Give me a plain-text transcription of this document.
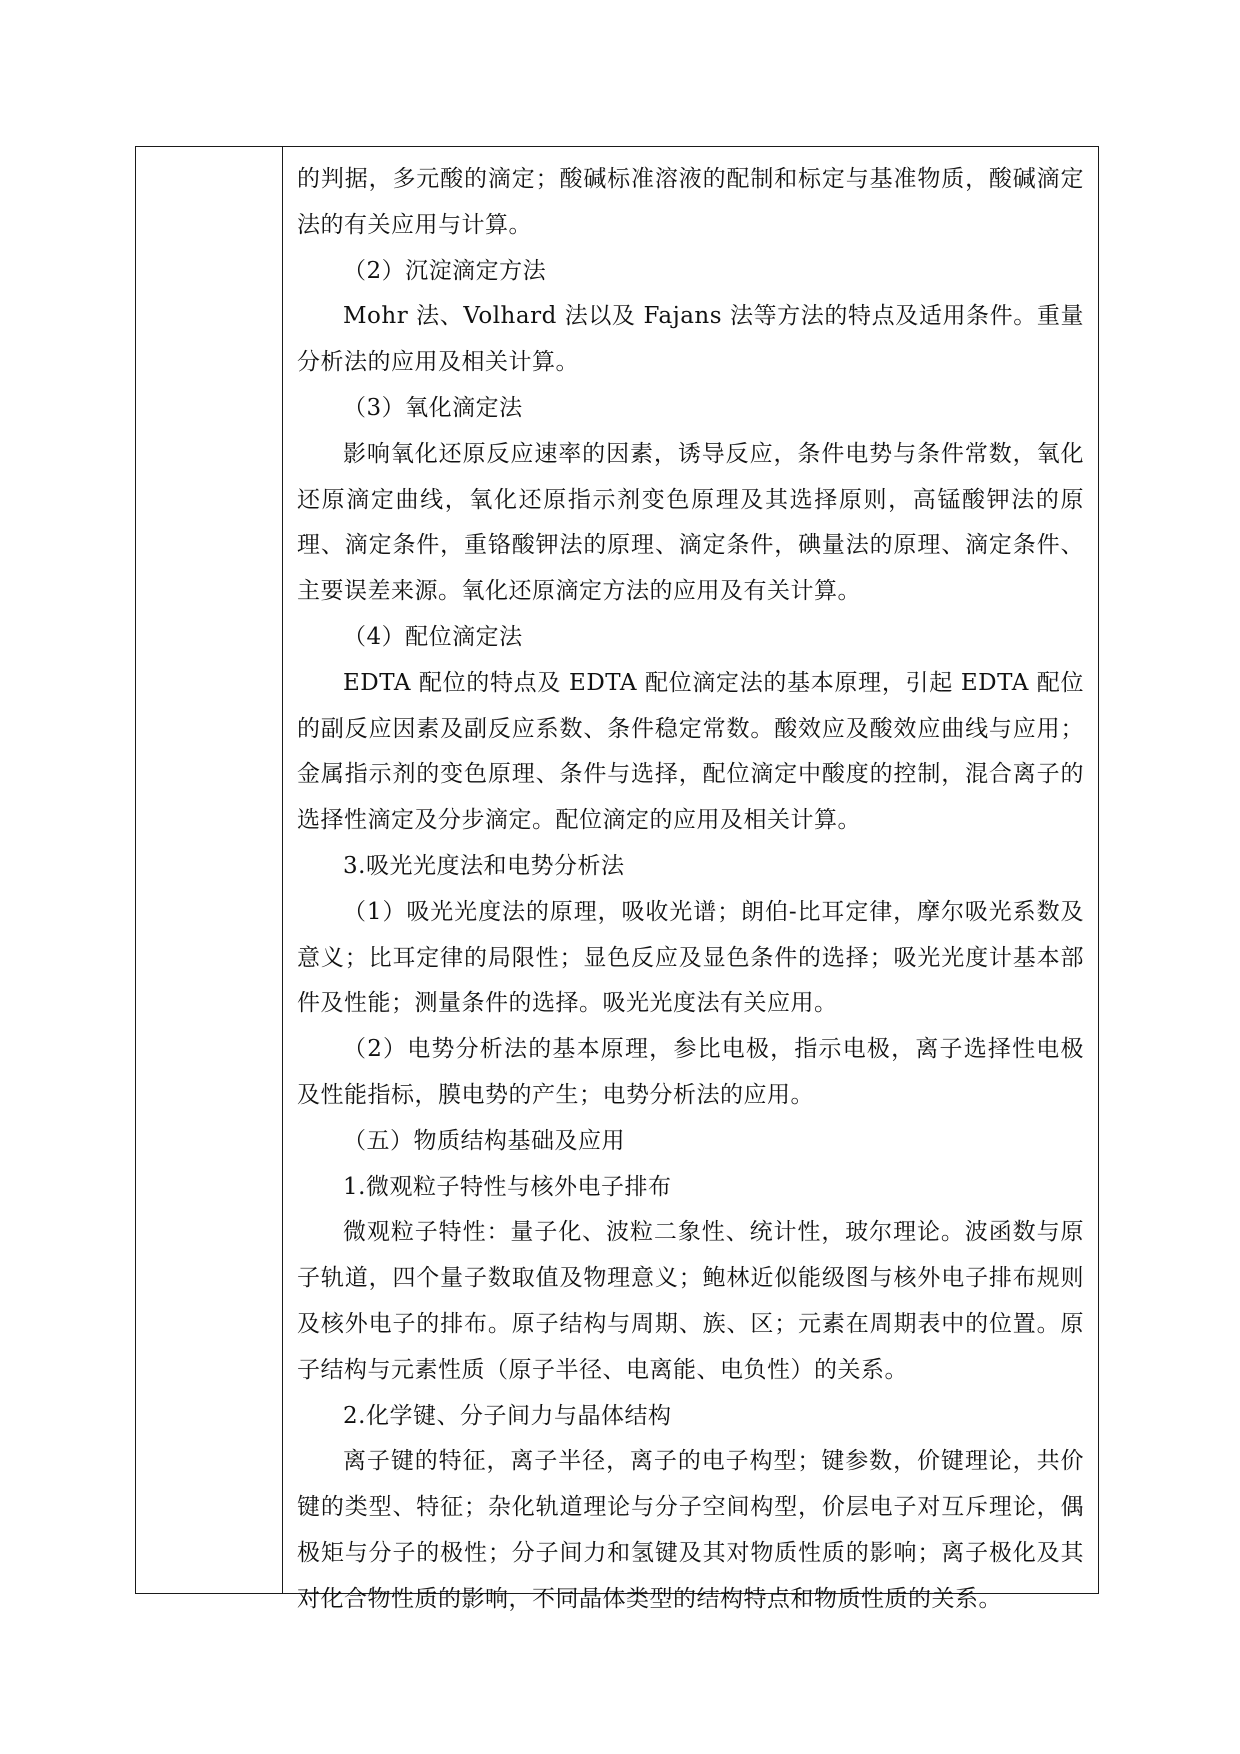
的判据，多元酸的滴定；酸碱标准溶液的配制和标定与基准物质，酸碱滴定法的有关应用与计算。

（2）沉淀滴定方法

Mohr 法、Volhard 法以及 Fajans 法等方法的特点及适用条件。重量分析法的应用及相关计算。

（3）氧化滴定法

影响氧化还原反应速率的因素，诱导反应，条件电势与条件常数，氧化还原滴定曲线，氧化还原指示剂变色原理及其选择原则，高锰酸钾法的原理、滴定条件，重铬酸钾法的原理、滴定条件，碘量法的原理、滴定条件、主要误差来源。氧化还原滴定方法的应用及有关计算。

（4）配位滴定法

EDTA 配位的特点及 EDTA 配位滴定法的基本原理，引起 EDTA 配位的副反应因素及副反应系数、条件稳定常数。酸效应及酸效应曲线与应用；金属指示剂的变色原理、条件与选择，配位滴定中酸度的控制，混合离子的选择性滴定及分步滴定。配位滴定的应用及相关计算。

3.吸光光度法和电势分析法

（1）吸光光度法的原理，吸收光谱；朗伯-比耳定律，摩尔吸光系数及意义；比耳定律的局限性；显色反应及显色条件的选择；吸光光度计基本部件及性能；测量条件的选择。吸光光度法有关应用。

（2）电势分析法的基本原理，参比电极，指示电极，离子选择性电极及性能指标，膜电势的产生；电势分析法的应用。

（五）物质结构基础及应用

1.微观粒子特性与核外电子排布

微观粒子特性：量子化、波粒二象性、统计性，玻尔理论。波函数与原子轨道，四个量子数取值及物理意义；鲍林近似能级图与核外电子排布规则及核外电子的排布。原子结构与周期、族、区；元素在周期表中的位置。原子结构与元素性质（原子半径、电离能、电负性）的关系。

2.化学键、分子间力与晶体结构

离子键的特征，离子半径，离子的电子构型；键参数，价键理论，共价键的类型、特征；杂化轨道理论与分子空间构型，价层电子对互斥理论，偶极矩与分子的极性；分子间力和氢键及其对物质性质的影响；离子极化及其对化合物性质的影响，不同晶体类型的结构特点和物质性质的关系。
